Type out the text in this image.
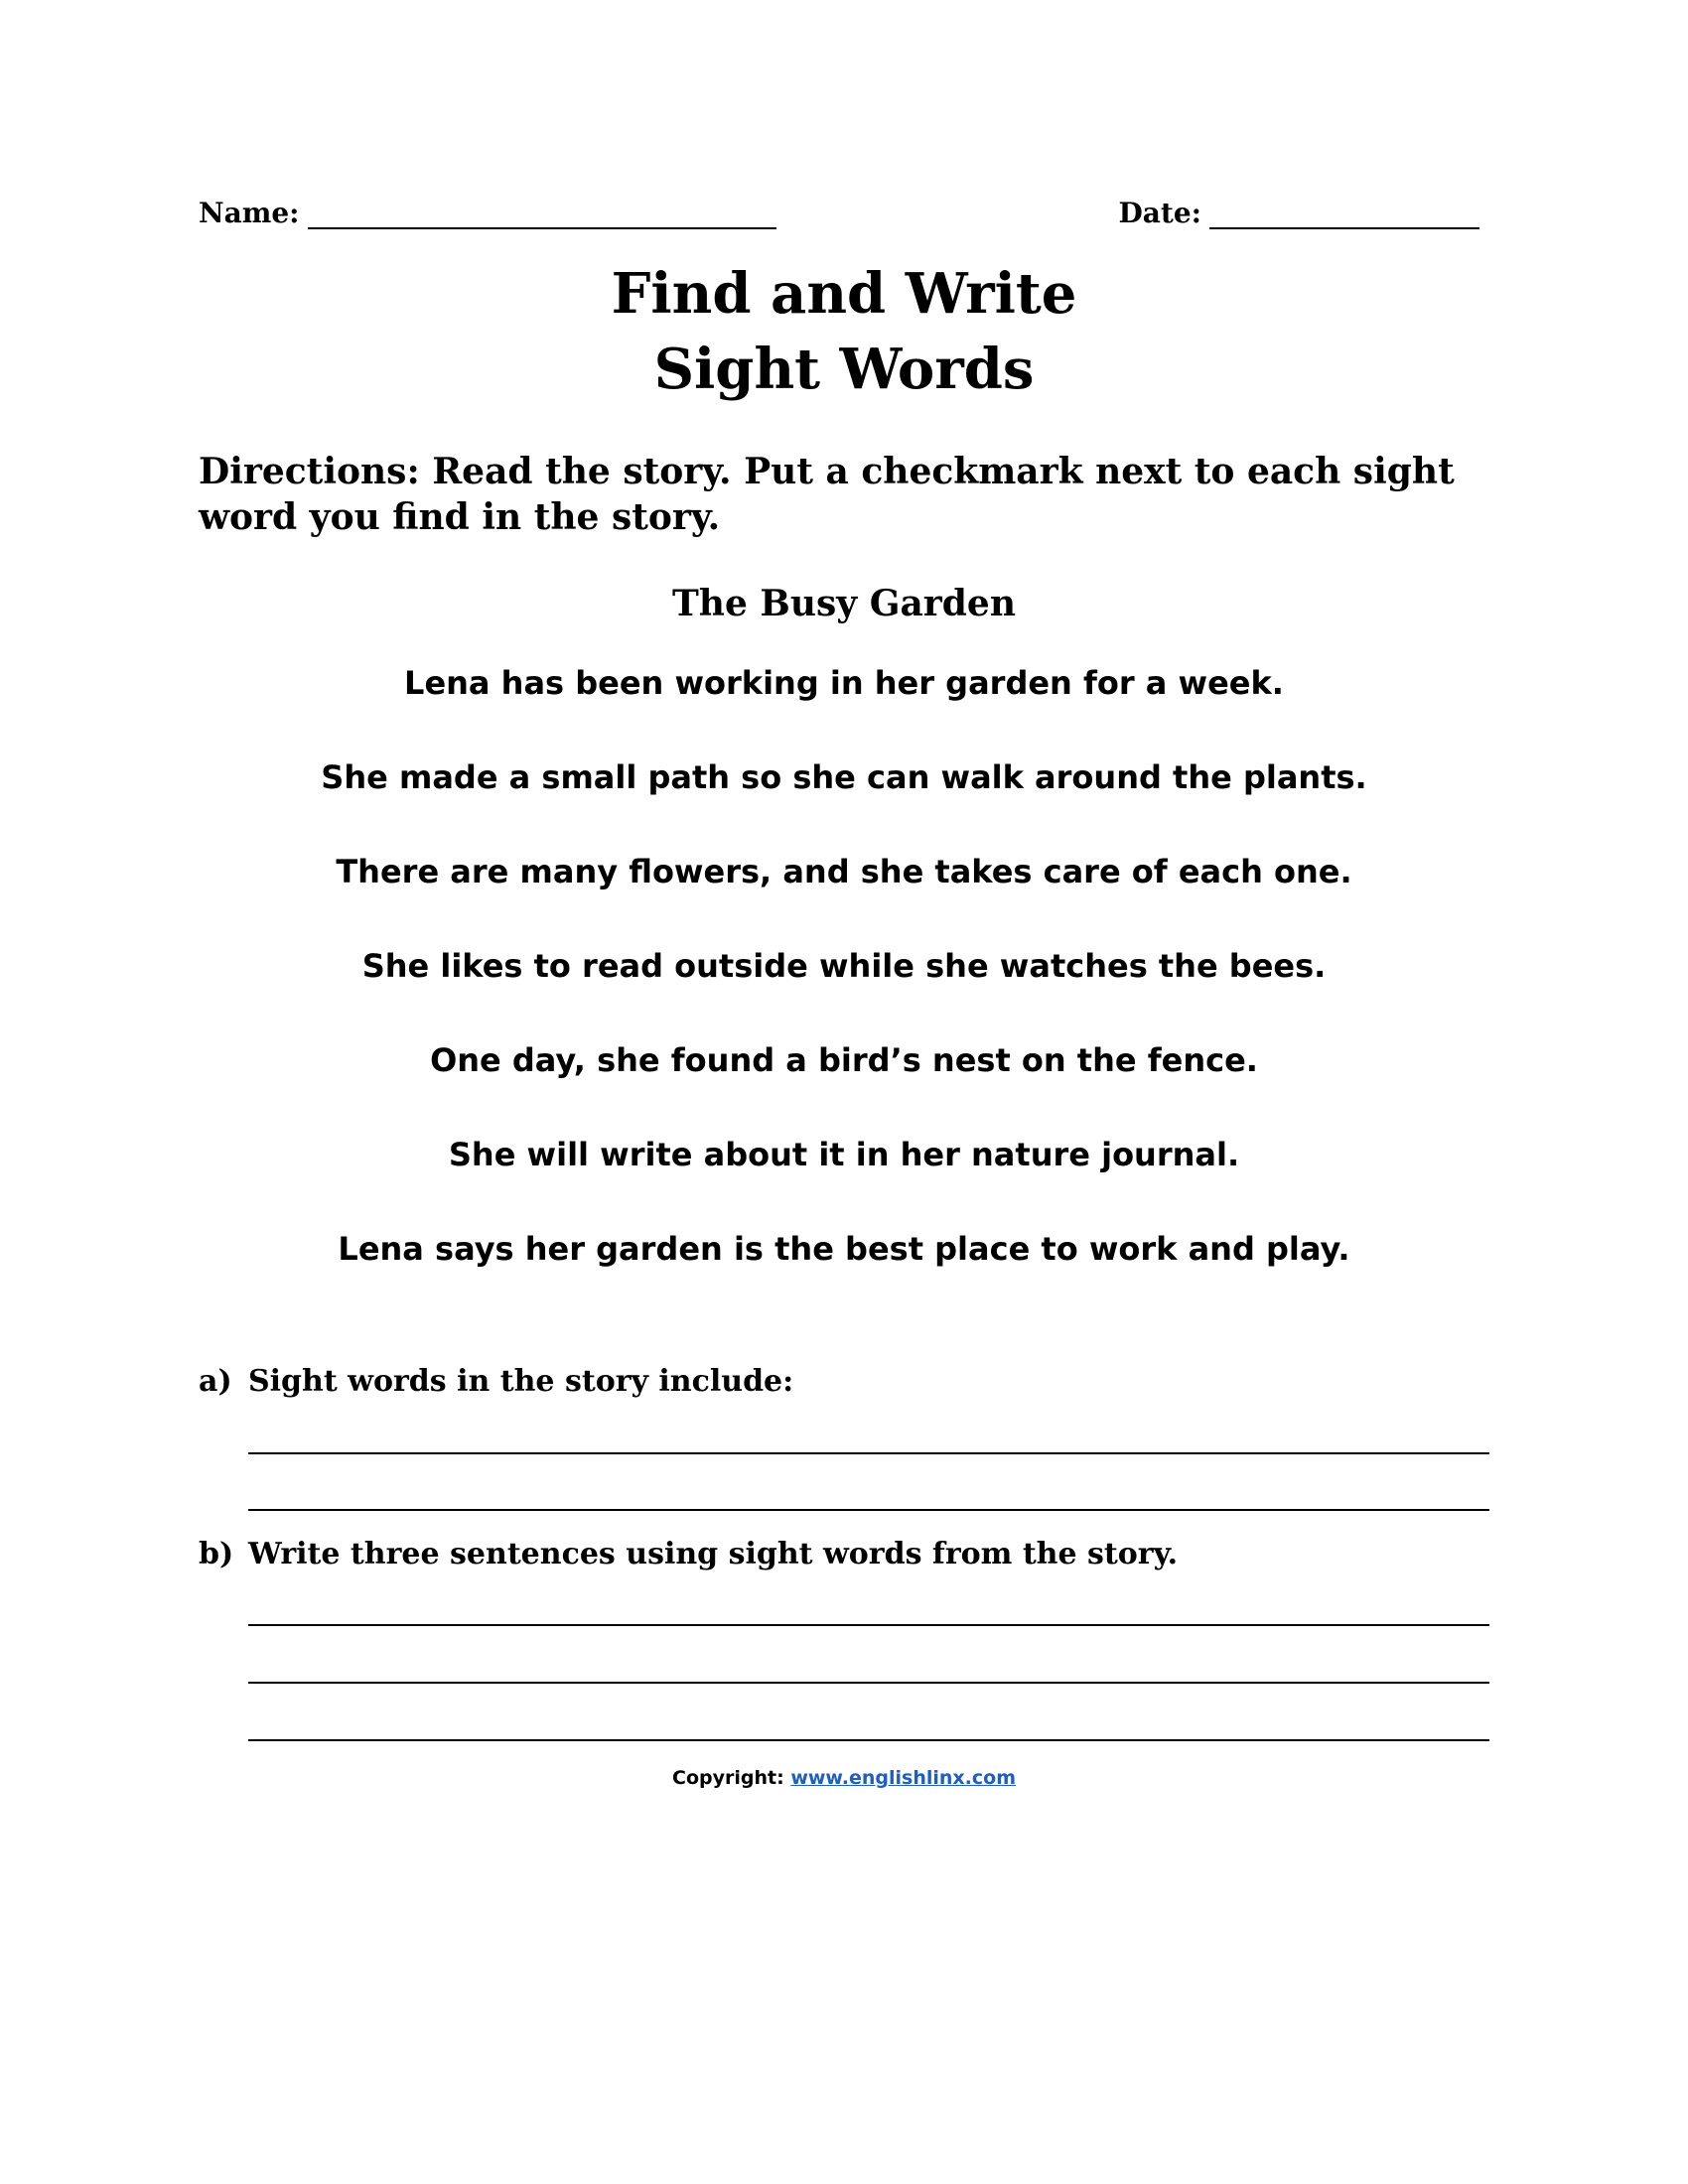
Name:	Date:
Find and Write
Sight Words
Directions: Read the story. Put a checkmark next to each sight word you find in the story.
The Busy Garden
Lena has been working in her garden for a week.
She made a small path so she can walk around the plants.
There are many flowers, and she takes care of each one.
She likes to read outside while she watches the bees.
One day, she found a bird’s nest on the fence.
She will write about it in her nature journal.
Lena says her garden is the best place to work and play.
a) Sight words in the story include:
b) Write three sentences using sight words from the story.
Copyright: www.englishlinx.com
